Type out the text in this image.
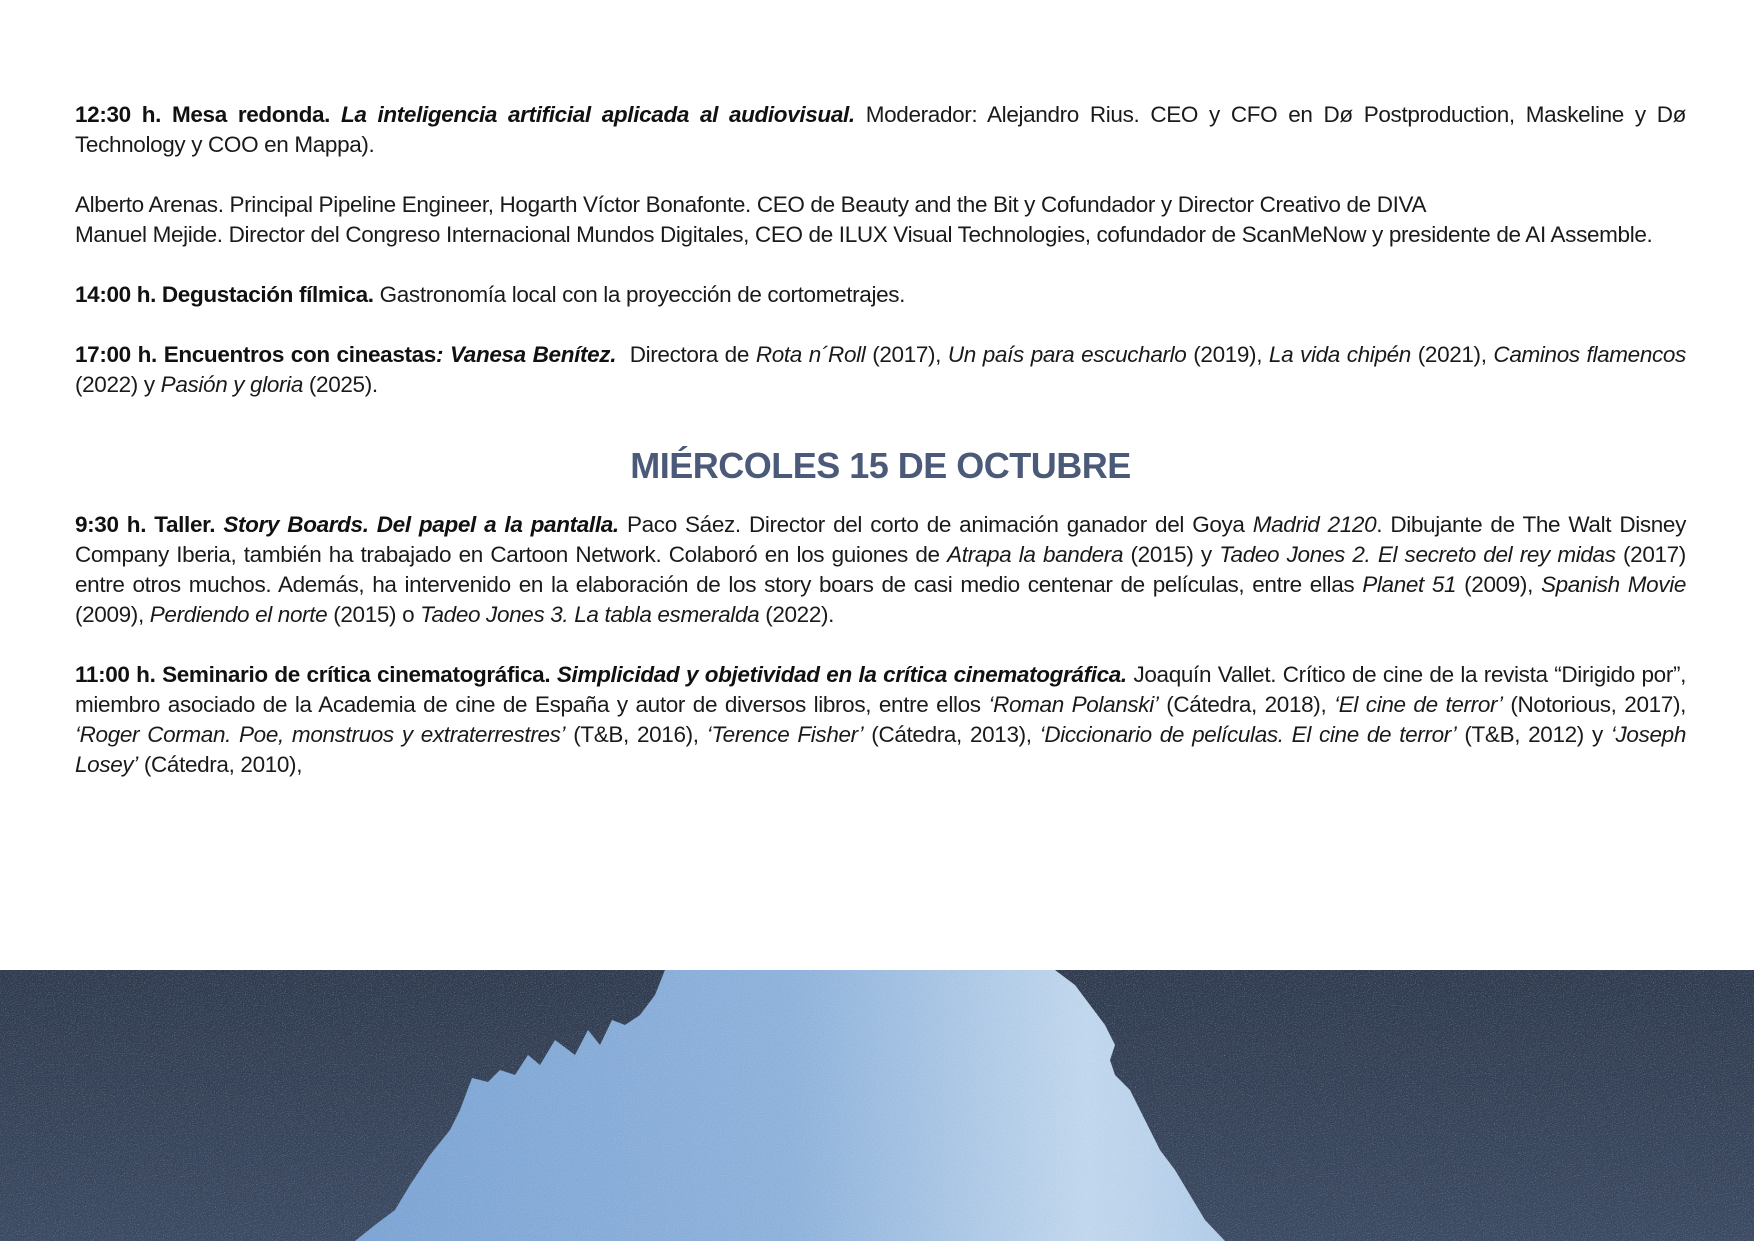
12:30 h. Mesa redonda. La inteligencia artificial aplicada al audiovisual. Moderador: Alejandro Rius. CEO y CFO en Dø Postproduction, Maskeline y Dø Technology y COO en Mappa).

Alberto Arenas. Principal Pipeline Engineer, Hogarth Víctor Bonafonte. CEO de Beauty and the Bit y Cofundador y Director Creativo de DIVA

Manuel Mejide. Director del Congreso Internacional Mundos Digitales, CEO de ILUX Visual Technologies, cofundador de ScanMeNow y presidente de AI Assemble.

14:00 h. Degustación fílmica. Gastronomía local con la proyección de cortometrajes.

17:00 h. Encuentros con cineastas: Vanesa Benítez. Directora de Rota n´Roll (2017), Un país para escucharlo (2019), La vida chipén (2021), Caminos flamencos (2022) y Pasión y gloria (2025).

MIÉRCOLES 15 DE OCTUBRE

9:30 h. Taller. Story Boards. Del papel a la pantalla. Paco Sáez. Director del corto de animación ganador del Goya Madrid 2120. Dibujante de The Walt Disney Company Iberia, también ha trabajado en Cartoon Network. Colaboró en los guiones de Atrapa la bandera (2015) y Tadeo Jones 2. El secreto del rey midas (2017) entre otros muchos. Además, ha intervenido en la elaboración de los story boars de casi medio centenar de películas, entre ellas Planet 51 (2009), Spanish Movie (2009), Perdiendo el norte (2015) o Tadeo Jones 3. La tabla esmeralda (2022).

11:00 h. Seminario de crítica cinematográfica. Simplicidad y objetividad en la crítica cinematográfica. Joaquín Vallet. Crítico de cine de la revista “Dirigido por”, miembro asociado de la Academia de cine de España y autor de diversos libros, entre ellos ‘Roman Polanski’ (Cátedra, 2018), ‘El cine de terror’ (Notorious, 2017), ‘Roger Corman. Poe, monstruos y extraterrestres’ (T&B, 2016), ‘Terence Fisher’ (Cátedra, 2013), ‘Diccionario de películas. El cine de terror’ (T&B, 2012) y ‘Joseph Losey’ (Cátedra, 2010),
